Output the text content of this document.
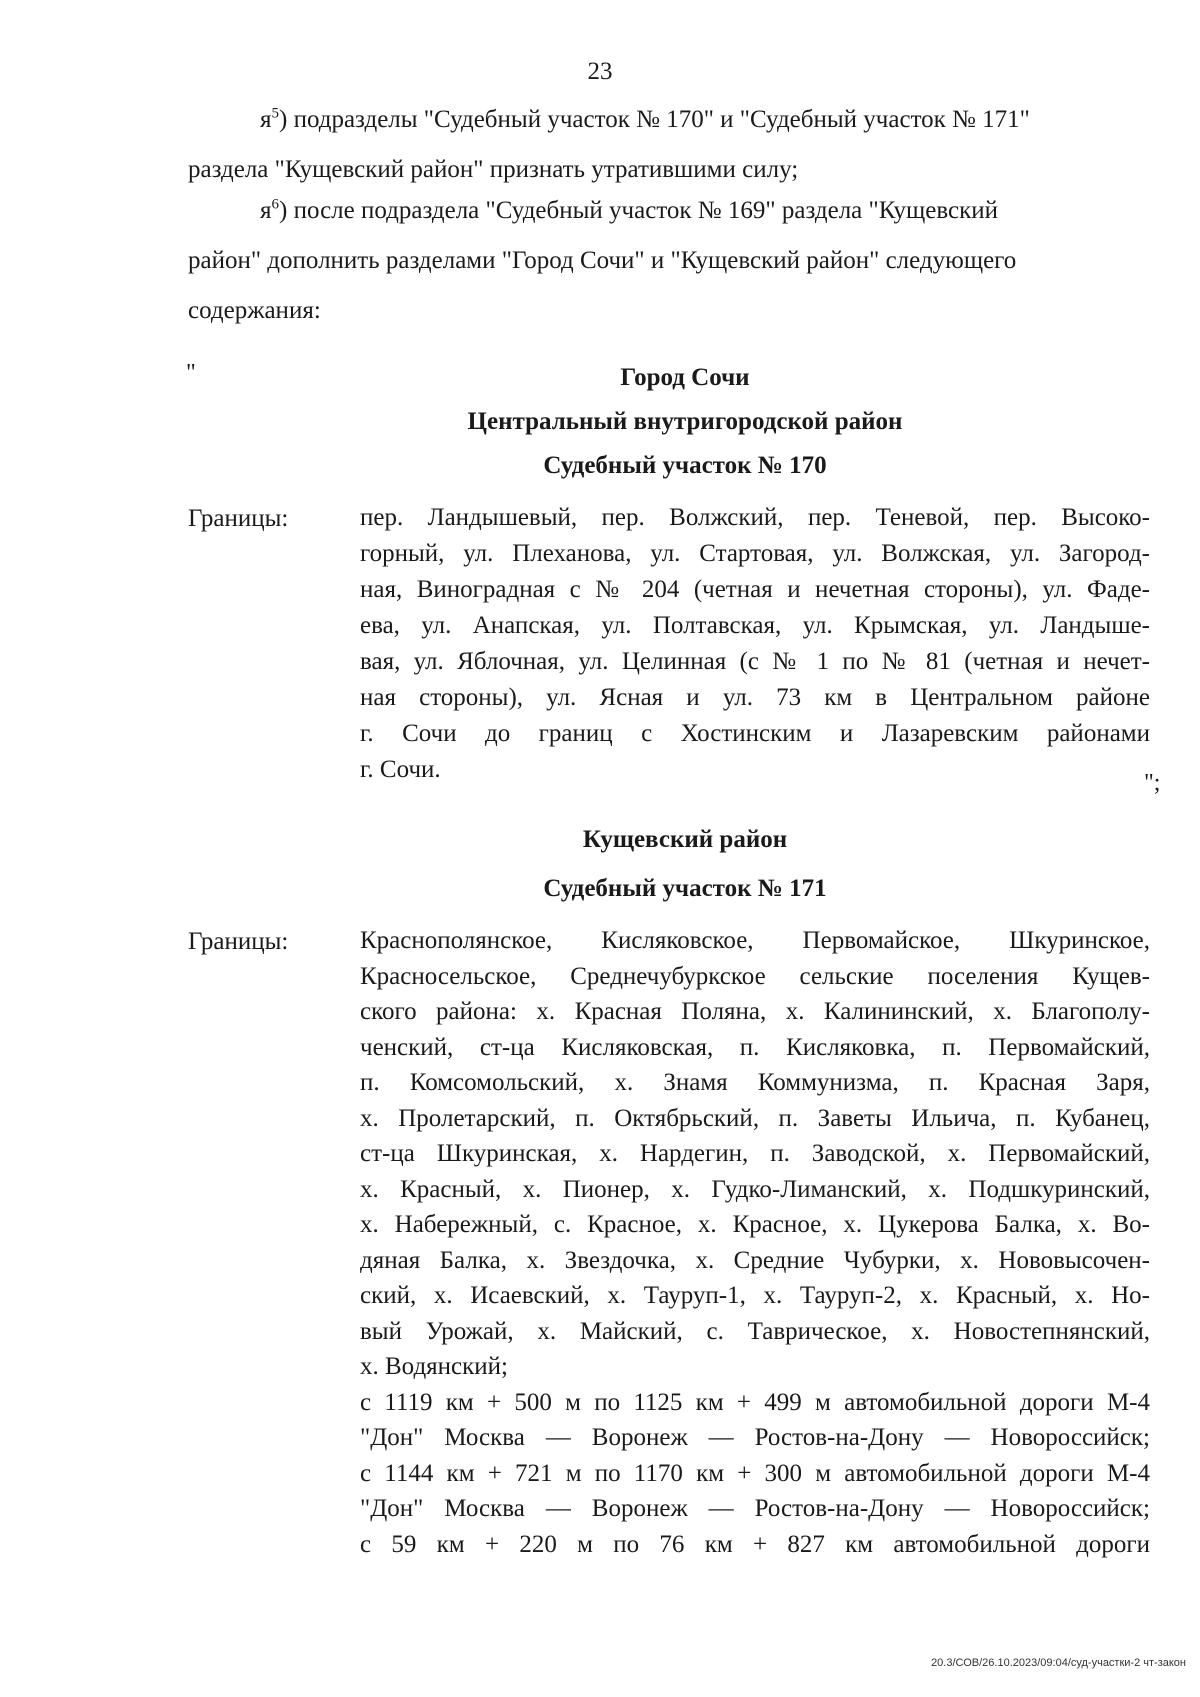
23
$я^5$) подразделы "Судебный участок № 170" и "Судебный участок № 171"
раздела "Кущевский район" признать утратившими силу;
$я^6$) после подраздела "Судебный участок № 169" раздела "Кущевский
район" дополнить разделами "Город Сочи" и "Кущевский район" следующего
содержания:
"	Город Сочи
Центральный внутригородской район
Судебный участок № 170
Границы:	пер. Ландышевый, пер. Волжский, пер. Теневой, пер. Высоко-
горный, ул. Плеханова, ул. Стартовая, ул. Волжская, ул. Загород-
ная, Виноградная с № 204 (четная и нечетная стороны), ул. Фаде-
ева, ул. Анапская, ул. Полтавская, ул. Крымская, ул. Ландыше-
вая, ул. Яблочная, ул. Целинная (с № 1 по № 81 (четная и нечет-
ная стороны), ул. Ясная и ул. 73 км в Центральном районе
г. Сочи до границ с Хостинским и Лазаревским районами
г. Сочи.	";
Кущевский район
Судебный участок № 171
Границы:	Краснополянское, Кисляковское, Первомайское, Шкуринское,
Красносельское, Среднечубуркское сельские поселения Кущев-
ского района: х. Красная Поляна, х. Калининский, х. Благополу-
ченский, ст-ца Кисляковская, п. Кисляковка, п. Первомайский,
п. Комсомольский, х. Знамя Коммунизма, п. Красная Заря,
х. Пролетарский, п. Октябрьский, п. Заветы Ильича, п. Кубанец,
ст-ца Шкуринская, х. Нардегин, п. Заводской, х. Первомайский,
х. Красный, х. Пионер, х. Гудко-Лиманский, х. Подшкуринский,
х. Набережный, с. Красное, х. Красное, х. Цукерова Балка, х. Во-
дяная Балка, х. Звездочка, х. Средние Чубурки, х. Нововысочен-
ский, х. Исаевский, х. Тауруп-1, х. Тауруп-2, х. Красный, х. Но-
вый Урожай, х. Майский, с. Таврическое, х. Новостепнянский,
х. Водянский;
с 1119 км + 500 м по 1125 км + 499 м автомобильной дороги М-4
"Дон" Москва — Воронеж — Ростов-на-Дону — Новороссийск;
с 1144 км + 721 м по 1170 км + 300 м автомобильной дороги М-4
"Дон" Москва — Воронеж — Ростов-на-Дону — Новороссийск;
с 59 км + 220 м по 76 км + 827 км автомобильной дороги
20.3/СОВ/26.10.2023/09:04/суд-участки-2 чт-закон
